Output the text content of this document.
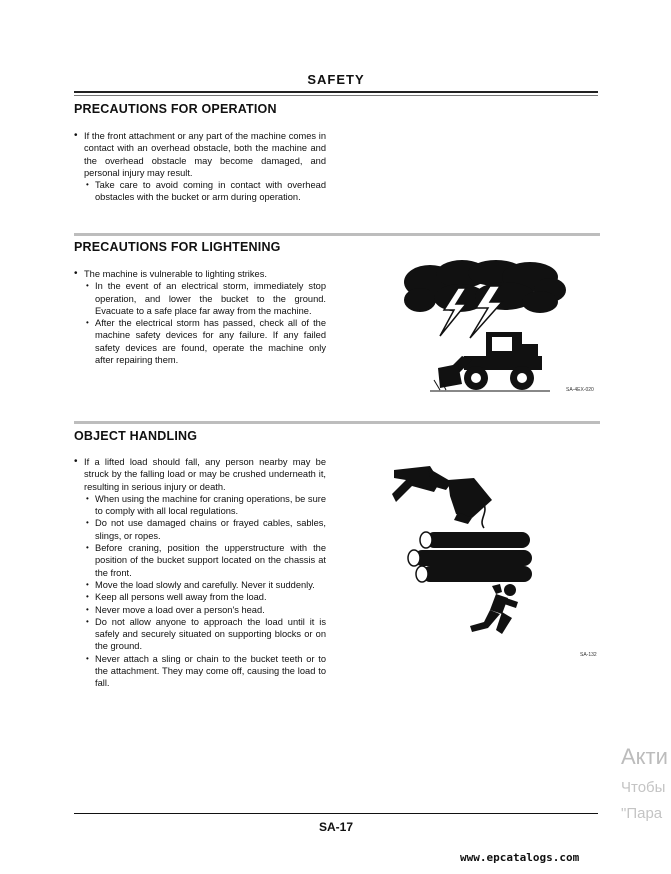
SAFETY
PRECAUTIONS FOR OPERATION

• If the front attachment or any part of the machine comes in contact with an overhead obstacle, both the machine and the overhead obstacle may become damaged, and personal injury may result.

• Take care to avoid coming in contact with overhead obstacles with the bucket or arm during operation.

PRECAUTIONS FOR LIGHTENING

• The machine is vulnerable to lighting strikes.

• In the event of an electrical storm, immediately stop operation, and lower the bucket to the ground. Evacuate to a safe place far away from the machine.

• After the electrical storm has passed, check all of the machine safety devices for any failure. If any failed safety devices are found, operate the machine only after repairing them.

SA-4EX-020
OBJECT HANDLING

• If a lifted load should fall, any person nearby may be struck by the falling load or may be crushed underneath it, resulting in serious injury or death.

• When using the machine for craning operations, be sure to comply with all local regulations.

• Do not use damaged chains or frayed cables, sables, slings, or ropes.

• Before craning, position the upperstructure with the position of the bucket support located on the chassis at the front.

• Move the load slowly and carefully. Never it suddenly.

• Keep all persons well away from the load.

• Never move a load over a person's head.

• Do not allow anyone to approach the load until it is safely and securely situated on supporting blocks or on the ground.

• Never attach a sling or chain to the bucket teeth or to the attachment. They may come off, causing the load to fall.

SA-132
SA-17
Акти
Чтобы
"Пара
www.epcatalogs.com
